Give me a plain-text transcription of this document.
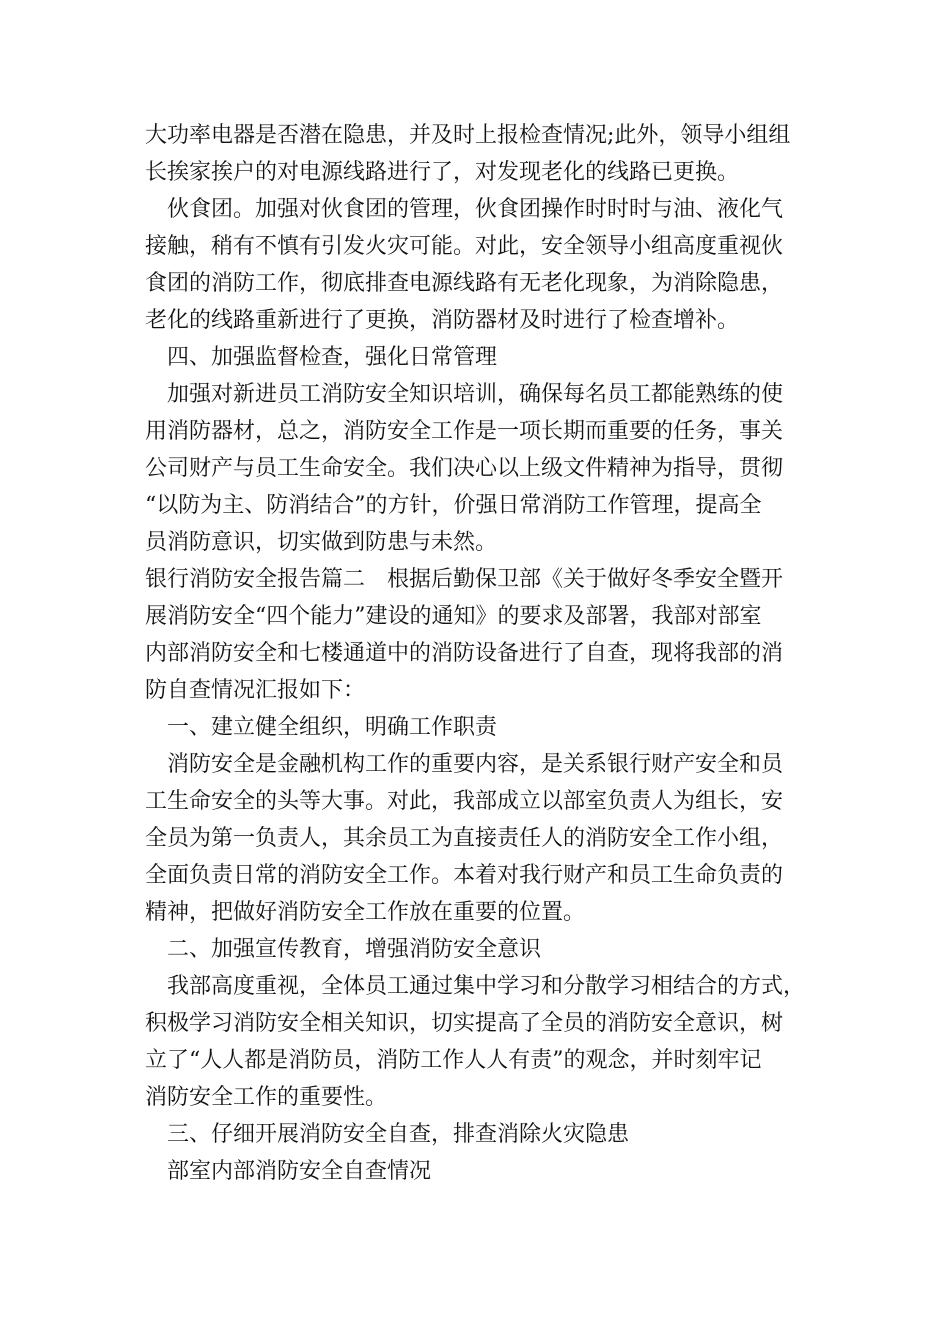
大功率电器是否潜在隐患，并及时上报检查情况;此外，领导小组组
长挨家挨户的对电源线路进行了，对发现老化的线路已更换。
伙食团。加强对伙食团的管理，伙食团操作时时时与油、液化气
接触，稍有不慎有引发火灾可能。对此，安全领导小组高度重视伙
食团的消防工作，彻底排查电源线路有无老化现象，为消除隐患，
老化的线路重新进行了更换，消防器材及时进行了检查增补。
四、加强监督检查，强化日常管理
加强对新进员工消防安全知识培训，确保每名员工都能熟练的使
用消防器材，总之，消防安全工作是一项长期而重要的任务，事关
公司财产与员工生命安全。我们决心以上级文件精神为指导，贯彻
“以防为主、防消结合”的方针，价强日常消防工作管理，提高全
员消防意识，切实做到防患与未然。
银行消防安全报告篇二　根据后勤保卫部《关于做好冬季安全暨开
展消防安全“四个能力”建设的通知》的要求及部署，我部对部室
内部消防安全和七楼通道中的消防设备进行了自查，现将我部的消
防自查情况汇报如下：
一、建立健全组织，明确工作职责
消防安全是金融机构工作的重要内容，是关系银行财产安全和员
工生命安全的头等大事。对此，我部成立以部室负责人为组长，安
全员为第一负责人，其余员工为直接责任人的消防安全工作小组，
全面负责日常的消防安全工作。本着对我行财产和员工生命负责的
精神，把做好消防安全工作放在重要的位置。
二、加强宣传教育，增强消防安全意识
我部高度重视，全体员工通过集中学习和分散学习相结合的方式，
积极学习消防安全相关知识，切实提高了全员的消防安全意识，树
立了“人人都是消防员，消防工作人人有责”的观念，并时刻牢记
消防安全工作的重要性。
三、仔细开展消防安全自查，排查消除火灾隐患
部室内部消防安全自查情况
